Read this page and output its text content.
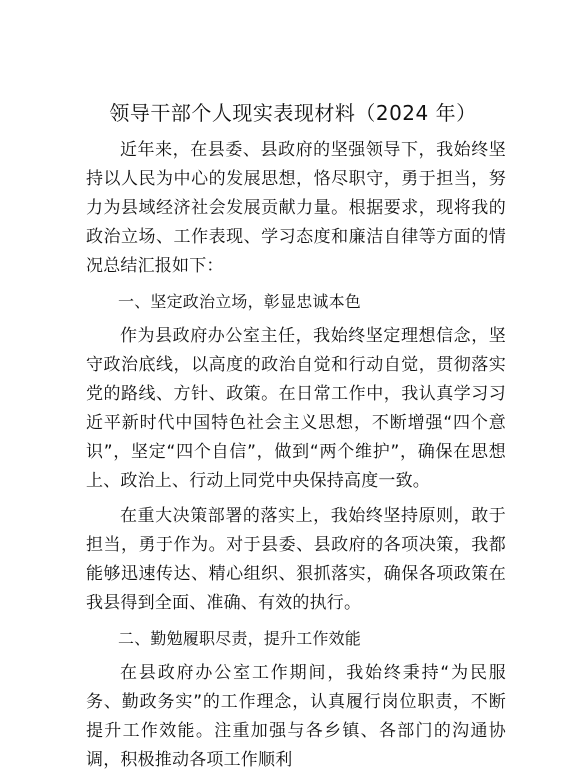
领导干部个人现实表现材料（2024 年）

近年来，在县委、县政府的坚强领导下，我始终坚持以人民为中心的发展思想，恪尽职守，勇于担当，努力为县域经济社会发展贡献力量。根据要求，现将我的政治立场、工作表现、学习态度和廉洁自律等方面的情况总结汇报如下：

一、坚定政治立场，彰显忠诚本色

作为县政府办公室主任，我始终坚定理想信念，坚守政治底线，以高度的政治自觉和行动自觉，贯彻落实党的路线、方针、政策。在日常工作中，我认真学习习近平新时代中国特色社会主义思想，不断增强“四个意识”，坚定“四个自信”，做到“两个维护”，确保在思想上、政治上、行动上同党中央保持高度一致。

在重大决策部署的落实上，我始终坚持原则，敢于担当，勇于作为。对于县委、县政府的各项决策，我都能够迅速传达、精心组织、狠抓落实，确保各项政策在我县得到全面、准确、有效的执行。

二、勤勉履职尽责，提升工作效能

在县政府办公室工作期间，我始终秉持“为民服务、勤政务实”的工作理念，认真履行岗位职责，不断提升工作效能。注重加强与各乡镇、各部门的沟通协调，积极推动各项工作顺利
